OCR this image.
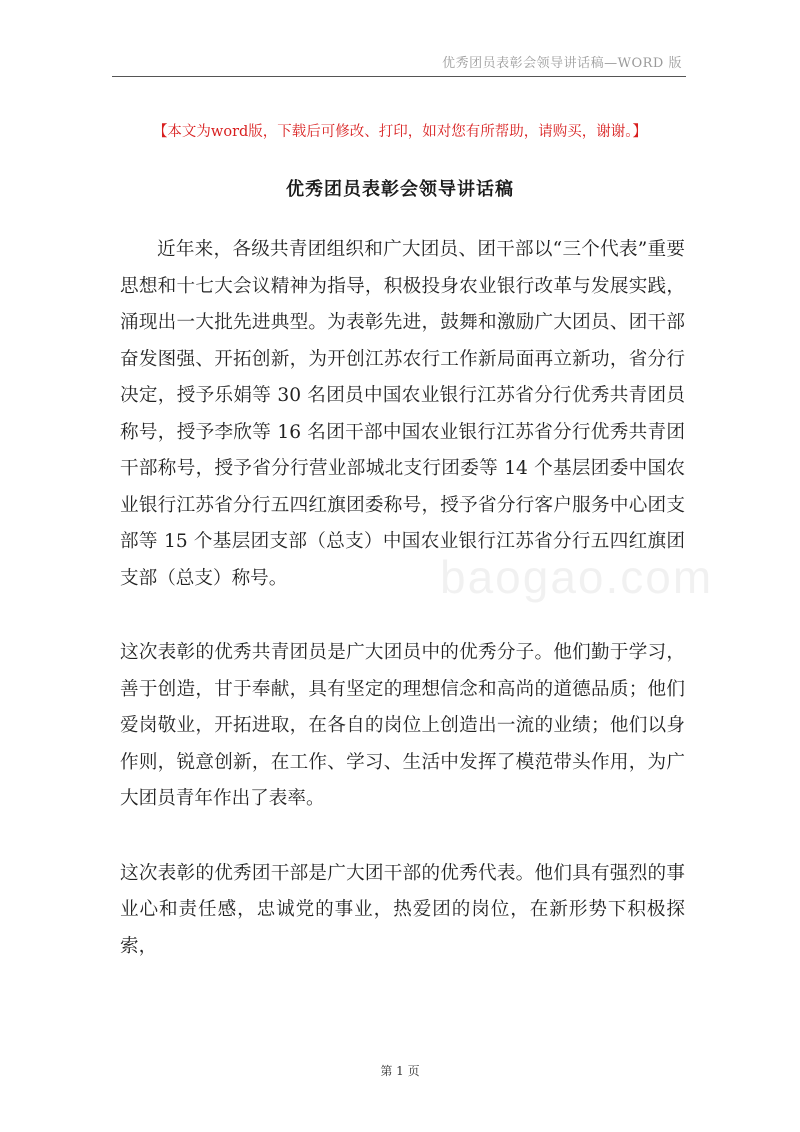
优秀团员表彰会领导讲话稿—WORD 版
【本文为word版，下载后可修改、打印，如对您有所帮助，请购买，谢谢。】
优秀团员表彰会领导讲话稿

近年来，各级共青团组织和广大团员、团干部以“三个代表”重要思想和十七大会议精神为指导，积极投身农业银行改革与发展实践，涌现出一大批先进典型。为表彰先进，鼓舞和激励广大团员、团干部奋发图强、开拓创新，为开创江苏农行工作新局面再立新功，省分行决定，授予乐娟等 30 名团员中国农业银行江苏省分行优秀共青团员称号，授予李欣等 16 名团干部中国农业银行江苏省分行优秀共青团干部称号，授予省分行营业部城北支行团委等 14 个基层团委中国农业银行江苏省分行五四红旗团委称号，授予省分行客户服务中心团支部等 15 个基层团支部（总支）中国农业银行江苏省分行五四红旗团支部（总支）称号。

这次表彰的优秀共青团员是广大团员中的优秀分子。他们勤于学习，善于创造，甘于奉献，具有坚定的理想信念和高尚的道德品质；他们爱岗敬业，开拓进取，在各自的岗位上创造出一流的业绩；他们以身作则，锐意创新，在工作、学习、生活中发挥了模范带头作用，为广大团员青年作出了表率。

这次表彰的优秀团干部是广大团干部的优秀代表。他们具有强烈的事业心和责任感，忠诚党的事业，热爱团的岗位，在新形势下积极探索，

baogao.com
第 1 页
